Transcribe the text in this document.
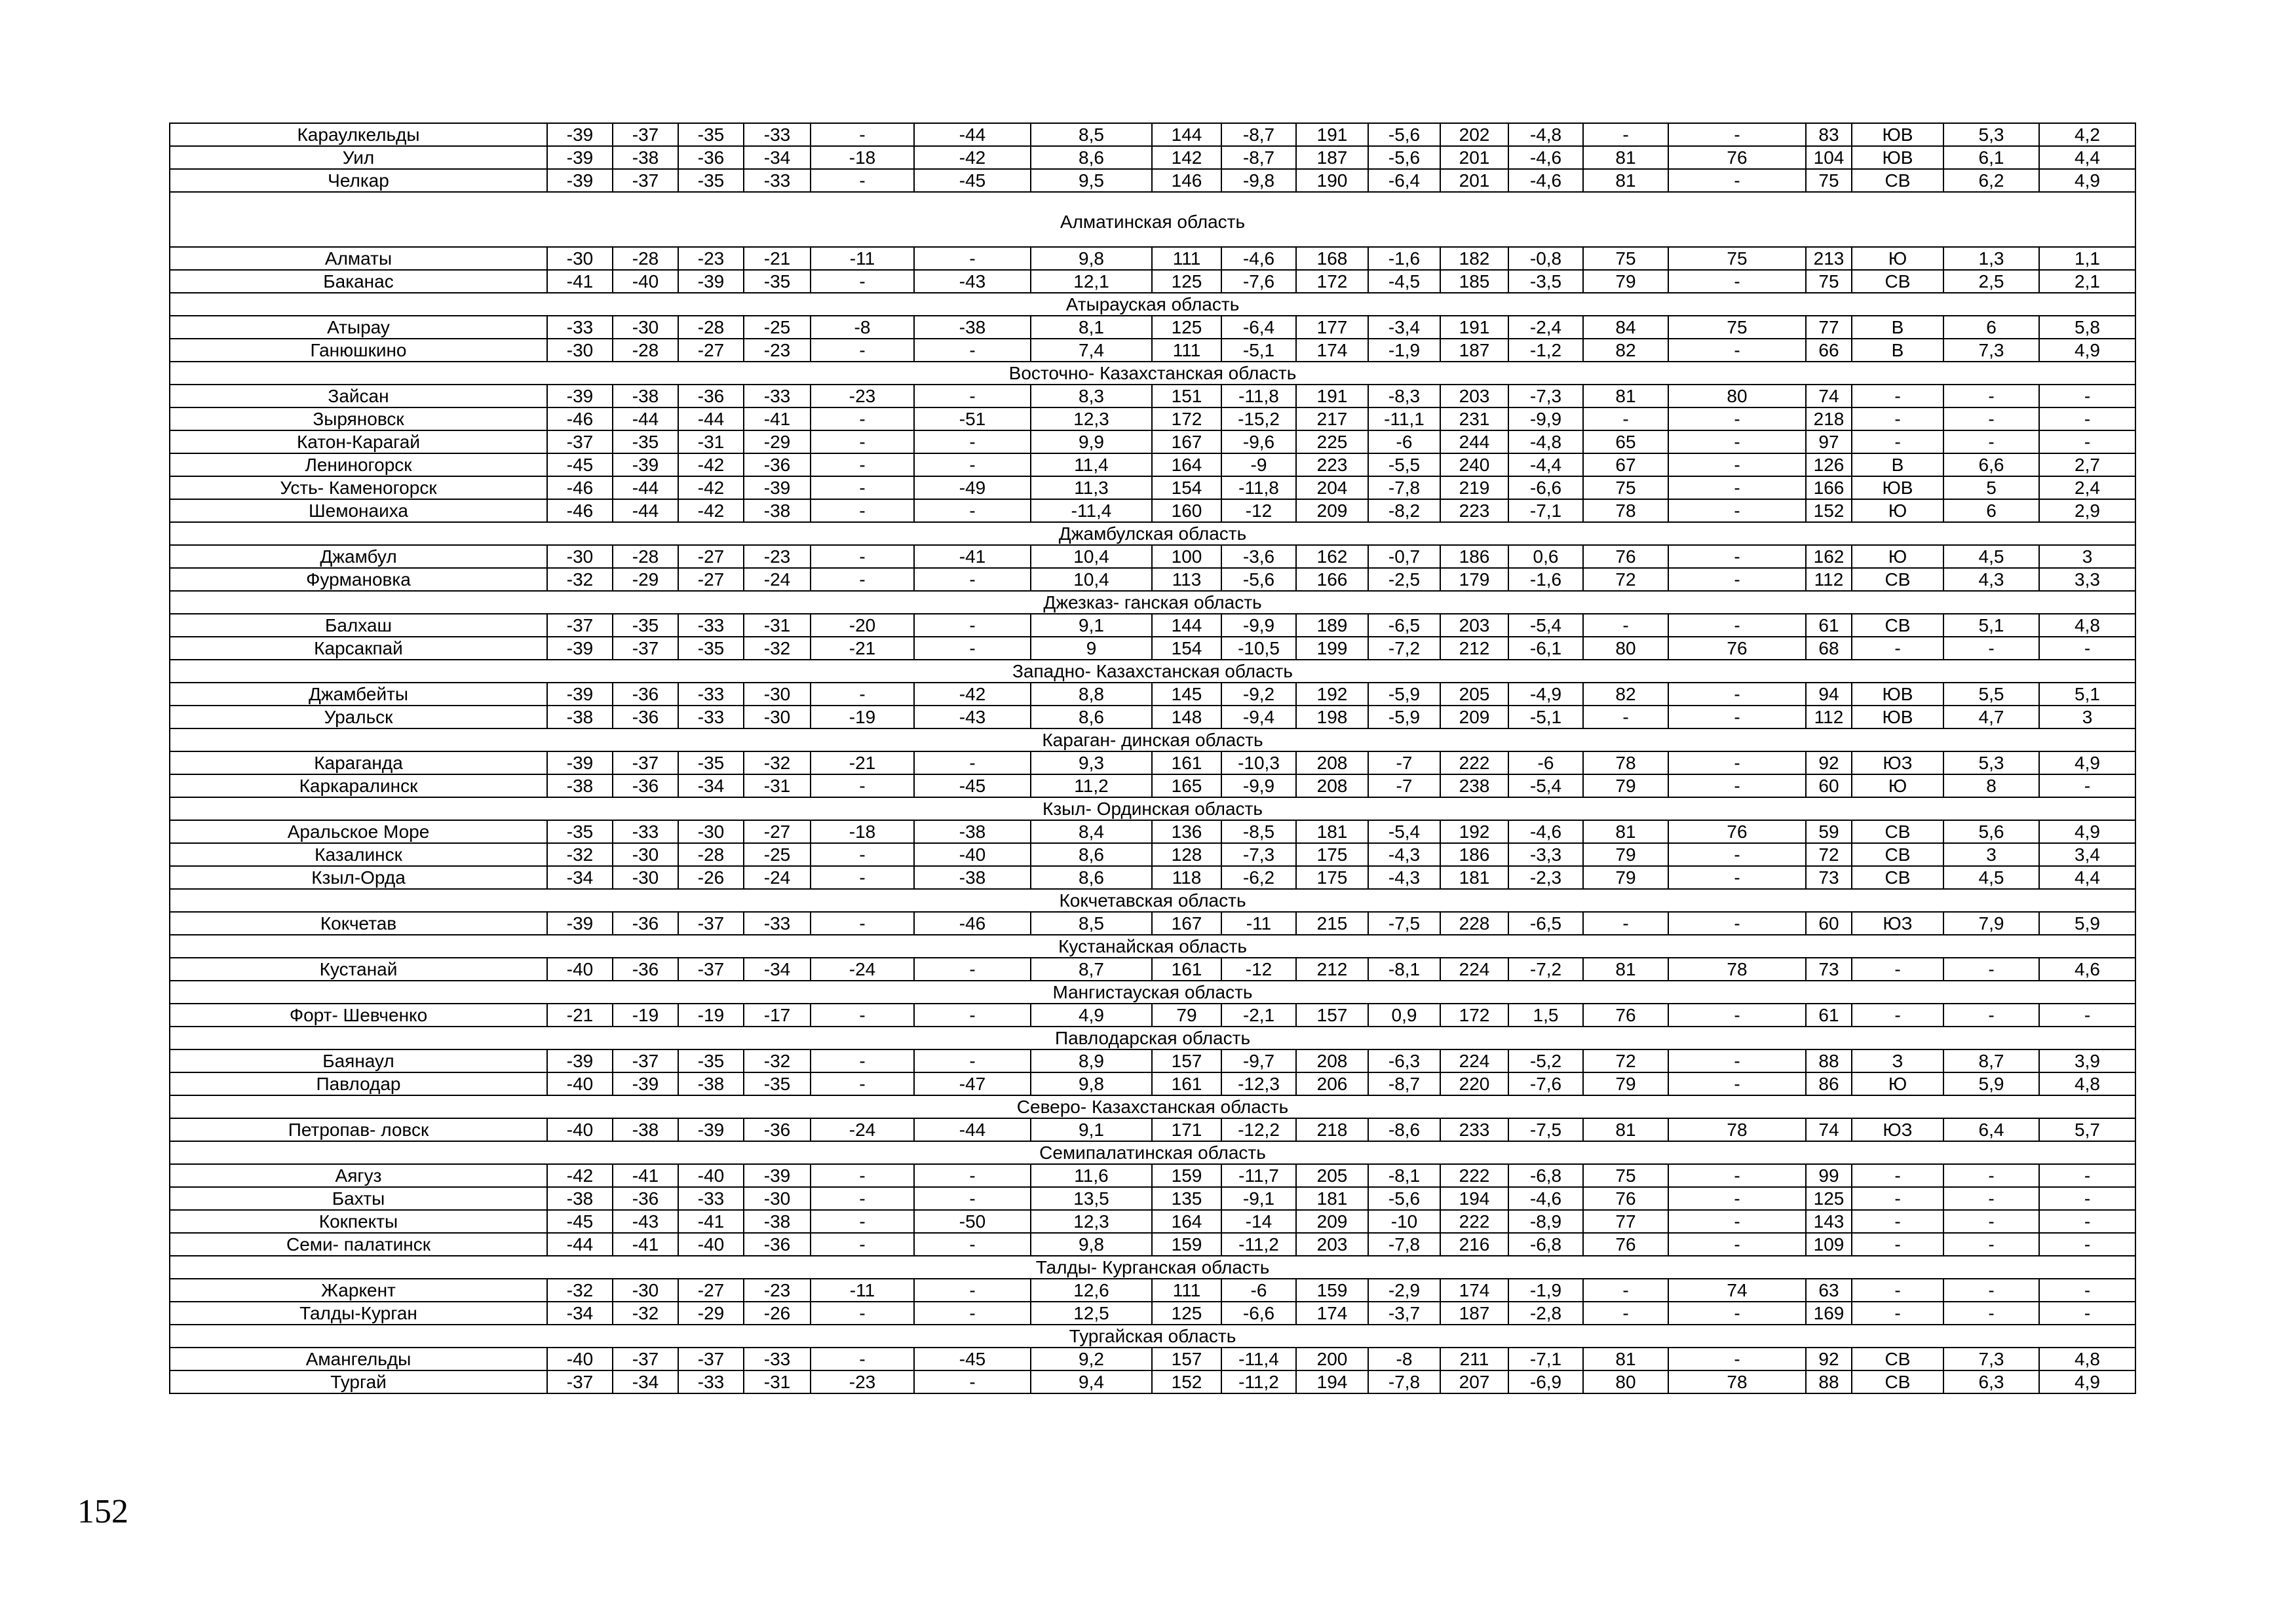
Караулкельды	-39	-37	-35	-33	-	-44	8,5	144	-8,7	191	-5,6	202	-4,8	-	-	83	ЮВ	5,3	4,2
Уил	-39	-38	-36	-34	-18	-42	8,6	142	-8,7	187	-5,6	201	-4,6	81	76	104	ЮВ	6,1	4,4
Челкар	-39	-37	-35	-33	-	-45	9,5	146	-9,8	190	-6,4	201	-4,6	81	-	75	СВ	6,2	4,9
Алматинская область																			
Алматы	-30	-28	-23	-21	-11	-	9,8	111	-4,6	168	-1,6	182	-0,8	75	75	213	Ю	1,3	1,1
Баканас	-41	-40	-39	-35	-	-43	12,1	125	-7,6	172	-4,5	185	-3,5	79	-	75	СВ	2,5	2,1
Атырауская область																			
Атырау	-33	-30	-28	-25	-8	-38	8,1	125	-6,4	177	-3,4	191	-2,4	84	75	77	В	6	5,8
Ганюшкино	-30	-28	-27	-23	-	-	7,4	111	-5,1	174	-1,9	187	-1,2	82	-	66	В	7,3	4,9
Восточно- Казахстанская область																			
Зайсан	-39	-38	-36	-33	-23	-	8,3	151	-11,8	191	-8,3	203	-7,3	81	80	74	-	-	-
Зыряновск	-46	-44	-44	-41	-	-51	12,3	172	-15,2	217	-11,1	231	-9,9	-	-	218	-	-	-
Катон-Карагай	-37	-35	-31	-29	-	-	9,9	167	-9,6	225	-6	244	-4,8	65	-	97	-	-	-
Лениногорск	-45	-39	-42	-36	-	-	11,4	164	-9	223	-5,5	240	-4,4	67	-	126	В	6,6	2,7
Усть- Каменогорск	-46	-44	-42	-39	-	-49	11,3	154	-11,8	204	-7,8	219	-6,6	75	-	166	ЮВ	5	2,4
Шемонаиха	-46	-44	-42	-38	-	-	-11,4	160	-12	209	-8,2	223	-7,1	78	-	152	Ю	6	2,9
Джамбулская область																			
Джамбул	-30	-28	-27	-23	-	-41	10,4	100	-3,6	162	-0,7	186	0,6	76	-	162	Ю	4,5	3
Фурмановка	-32	-29	-27	-24	-	-	10,4	113	-5,6	166	-2,5	179	-1,6	72	-	112	СВ	4,3	3,3
Джезказ- ганская область																			
Балхаш	-37	-35	-33	-31	-20	-	9,1	144	-9,9	189	-6,5	203	-5,4	-	-	61	СВ	5,1	4,8
Карсакпай	-39	-37	-35	-32	-21	-	9	154	-10,5	199	-7,2	212	-6,1	80	76	68	-	-	-
Западно- Казахстанская область																			
Джамбейты	-39	-36	-33	-30	-	-42	8,8	145	-9,2	192	-5,9	205	-4,9	82	-	94	ЮВ	5,5	5,1
Уральск	-38	-36	-33	-30	-19	-43	8,6	148	-9,4	198	-5,9	209	-5,1	-	-	112	ЮВ	4,7	3
Караган- динская область																			
Караганда	-39	-37	-35	-32	-21	-	9,3	161	-10,3	208	-7	222	-6	78	-	92	ЮЗ	5,3	4,9
Каркаралинск	-38	-36	-34	-31	-	-45	11,2	165	-9,9	208	-7	238	-5,4	79	-	60	Ю	8	-
Кзыл- Ординская область																			
Аральское Море	-35	-33	-30	-27	-18	-38	8,4	136	-8,5	181	-5,4	192	-4,6	81	76	59	СВ	5,6	4,9
Казалинск	-32	-30	-28	-25	-	-40	8,6	128	-7,3	175	-4,3	186	-3,3	79	-	72	СВ	3	3,4
Кзыл-Орда	-34	-30	-26	-24	-	-38	8,6	118	-6,2	175	-4,3	181	-2,3	79	-	73	СВ	4,5	4,4
Кокчетавская область																			
Кокчетав	-39	-36	-37	-33	-	-46	8,5	167	-11	215	-7,5	228	-6,5	-	-	60	ЮЗ	7,9	5,9
Кустанайская область																			
Кустанай	-40	-36	-37	-34	-24	-	8,7	161	-12	212	-8,1	224	-7,2	81	78	73	-	-	4,6
Мангистауская область																			
Форт- Шевченко	-21	-19	-19	-17	-	-	4,9	79	-2,1	157	0,9	172	1,5	76	-	61	-	-	-
Павлодарская область																			
Баянаул	-39	-37	-35	-32	-	-	8,9	157	-9,7	208	-6,3	224	-5,2	72	-	88	З	8,7	3,9
Павлодар	-40	-39	-38	-35	-	-47	9,8	161	-12,3	206	-8,7	220	-7,6	79	-	86	Ю	5,9	4,8
Северо- Казахстанская область																			
Петропав- ловск	-40	-38	-39	-36	-24	-44	9,1	171	-12,2	218	-8,6	233	-7,5	81	78	74	ЮЗ	6,4	5,7
Семипалатинская область																			
Аягуз	-42	-41	-40	-39	-	-	11,6	159	-11,7	205	-8,1	222	-6,8	75	-	99	-	-	-
Бахты	-38	-36	-33	-30	-	-	13,5	135	-9,1	181	-5,6	194	-4,6	76	-	125	-	-	-
Кокпекты	-45	-43	-41	-38	-	-50	12,3	164	-14	209	-10	222	-8,9	77	-	143	-	-	-
Семи- палатинск	-44	-41	-40	-36	-	-	9,8	159	-11,2	203	-7,8	216	-6,8	76	-	109	-	-	-
Талды- Курганская область																			
Жаркент	-32	-30	-27	-23	-11	-	12,6	111	-6	159	-2,9	174	-1,9	-	74	63	-	-	-
Талды-Курган	-34	-32	-29	-26	-	-	12,5	125	-6,6	174	-3,7	187	-2,8	-	-	169	-	-	-
Тургайская область																			
Амангельды	-40	-37	-37	-33	-	-45	9,2	157	-11,4	200	-8	211	-7,1	81	-	92	СВ	7,3	4,8
Тургай	-37	-34	-33	-31	-23	-	9,4	152	-11,2	194	-7,8	207	-6,9	80	78	88	СВ	6,3	4,9
152
